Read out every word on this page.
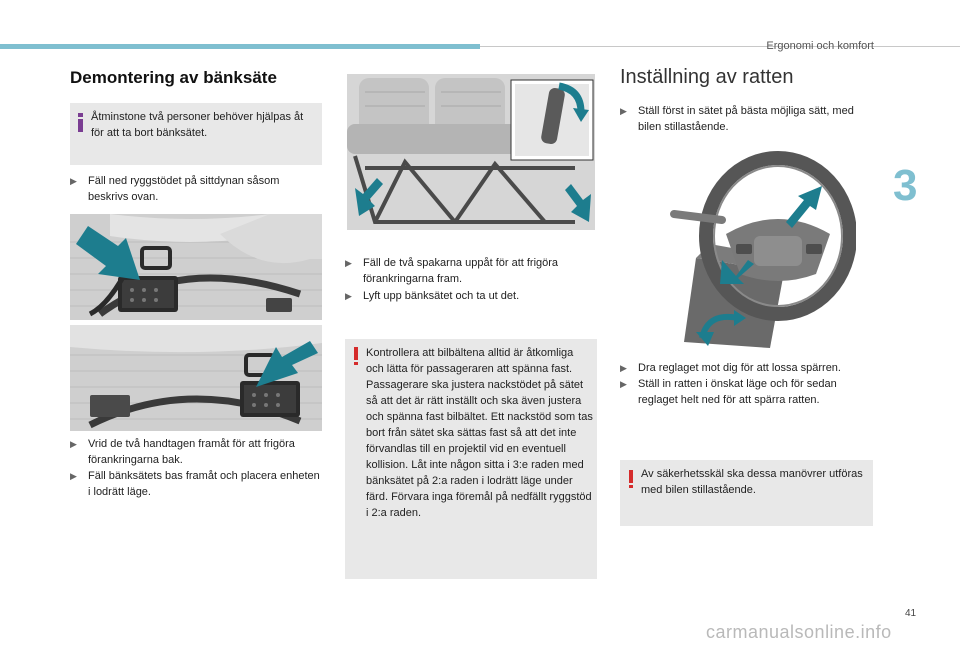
Ergonomi och komfort
3
Demontering av bänksäte
Åtminstone två personer behöver hjälpas åt för att ta bort bänksätet.
▶	Fäll ned ryggstödet på sittdynan såsom beskrivs ovan.
▶	Vrid de två handtagen framåt för att frigöra förankringarna bak.
▶	Fäll bänksätets bas framåt och placera enheten i lodrätt läge.
▶	Fäll de två spakarna uppåt för att frigöra förankringarna fram.
▶	Lyft upp bänksätet och ta ut det.
Kontrollera att bilbältena alltid är åtkomliga och lätta för passageraren att spänna fast. Passagerare ska justera nackstödet på sätet så att det är rätt inställt och ska även justera och spänna fast bilbältet. Ett nackstöd som tas bort från sätet ska sättas fast så att det inte förvandlas till en projektil vid en eventuell kollision. Låt inte någon sitta i 3:e raden med bänksätet på 2:a raden i lodrätt läge under färd. Förvara inga föremål på nedfällt ryggstöd i 2:a raden.
Inställning av ratten
▶	Ställ först in sätet på bästa möjliga sätt, med bilen stillastående.
▶	Dra reglaget mot dig för att lossa spärren.
▶	Ställ in ratten i önskat läge och för sedan reglaget helt ned för att spärra ratten.
Av säkerhetsskäl ska dessa manövrer utföras med bilen stillastående.
41
carmanualsonline.info
